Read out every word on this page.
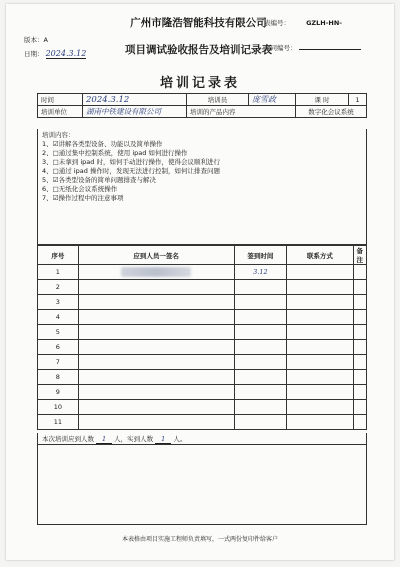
广州市隆浩智能科技有限公司
版本：A
日期： 2024.3.12
表编号： GZLH-HN-
合同编号：
项目调试验收报告及培训记录表
培训记录表
时间	2024.3.12	培训员	庞雪政	课 时	1
培训单位	湖南中铁建设有限公司	培训的产品内容		数字化会议系统	
培训内容：
1、☑讲解各类型设备、功能以及简单操作
2、□通过集中控制系统，使用 ipad 如何进行操作
3、□未拿到 ipad 时，如何手动进行操作，使得会议顺利进行
4、□通过 ipad 操作时，发现无法进行控制，如何让排查问题
5、☑各类型设备的简单问题排查与解决
6、□无纸化会议系统操作
7、☑操作过程中的注意事项
序号	应到人员一签名	签到时间	联系方式	备注
1		3.12		
2				
3				
4				
5				
6				
7				
8				
9				
10				
11				
本次培训应到人数 1 人，实到人数 1 人。
本表格由项目实施工程师负责填写，一式两份复印件给客户
